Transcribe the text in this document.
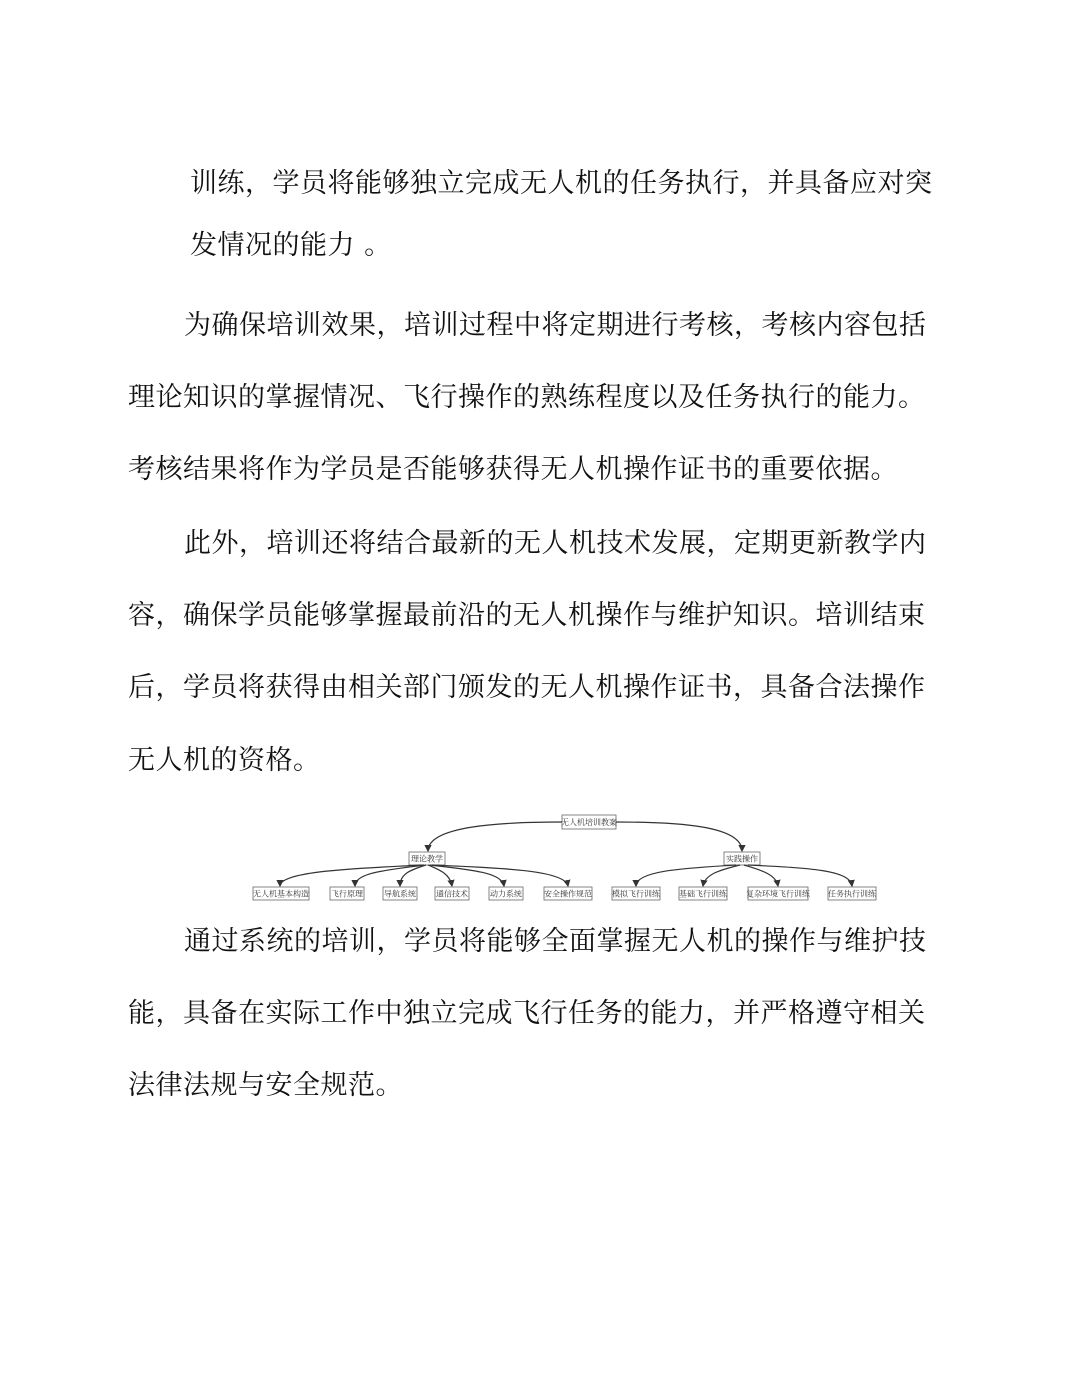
训练，学员将能够独立完成无人机的任务执行，并具备应对突
发情况的能力 。
为确保培训效果，培训过程中将定期进行考核，考核内容包括
理论知识的掌握情况、飞行操作的熟练程度以及任务执行的能力。
考核结果将作为学员是否能够获得无人机操作证书的重要依据。
此外，培训还将结合最新的无人机技术发展，定期更新教学内
容，确保学员能够掌握最前沿的无人机操作与维护知识。培训结束
后，学员将获得由相关部门颁发的无人机操作证书，具备合法操作
无人机的资格。
无人机培训教案
理论教学	实践操作
无人机基本构造	飞行原理	导航系统	通信技术	动力系统	安全操作规范	模拟飞行训练 基础飞行训练 复杂环境飞行训练 任务执行训练
通过系统的培训，学员将能够全面掌握无人机的操作与维护技
能，具备在实际工作中独立完成飞行任务的能力，并严格遵守相关
法律法规与安全规范。
